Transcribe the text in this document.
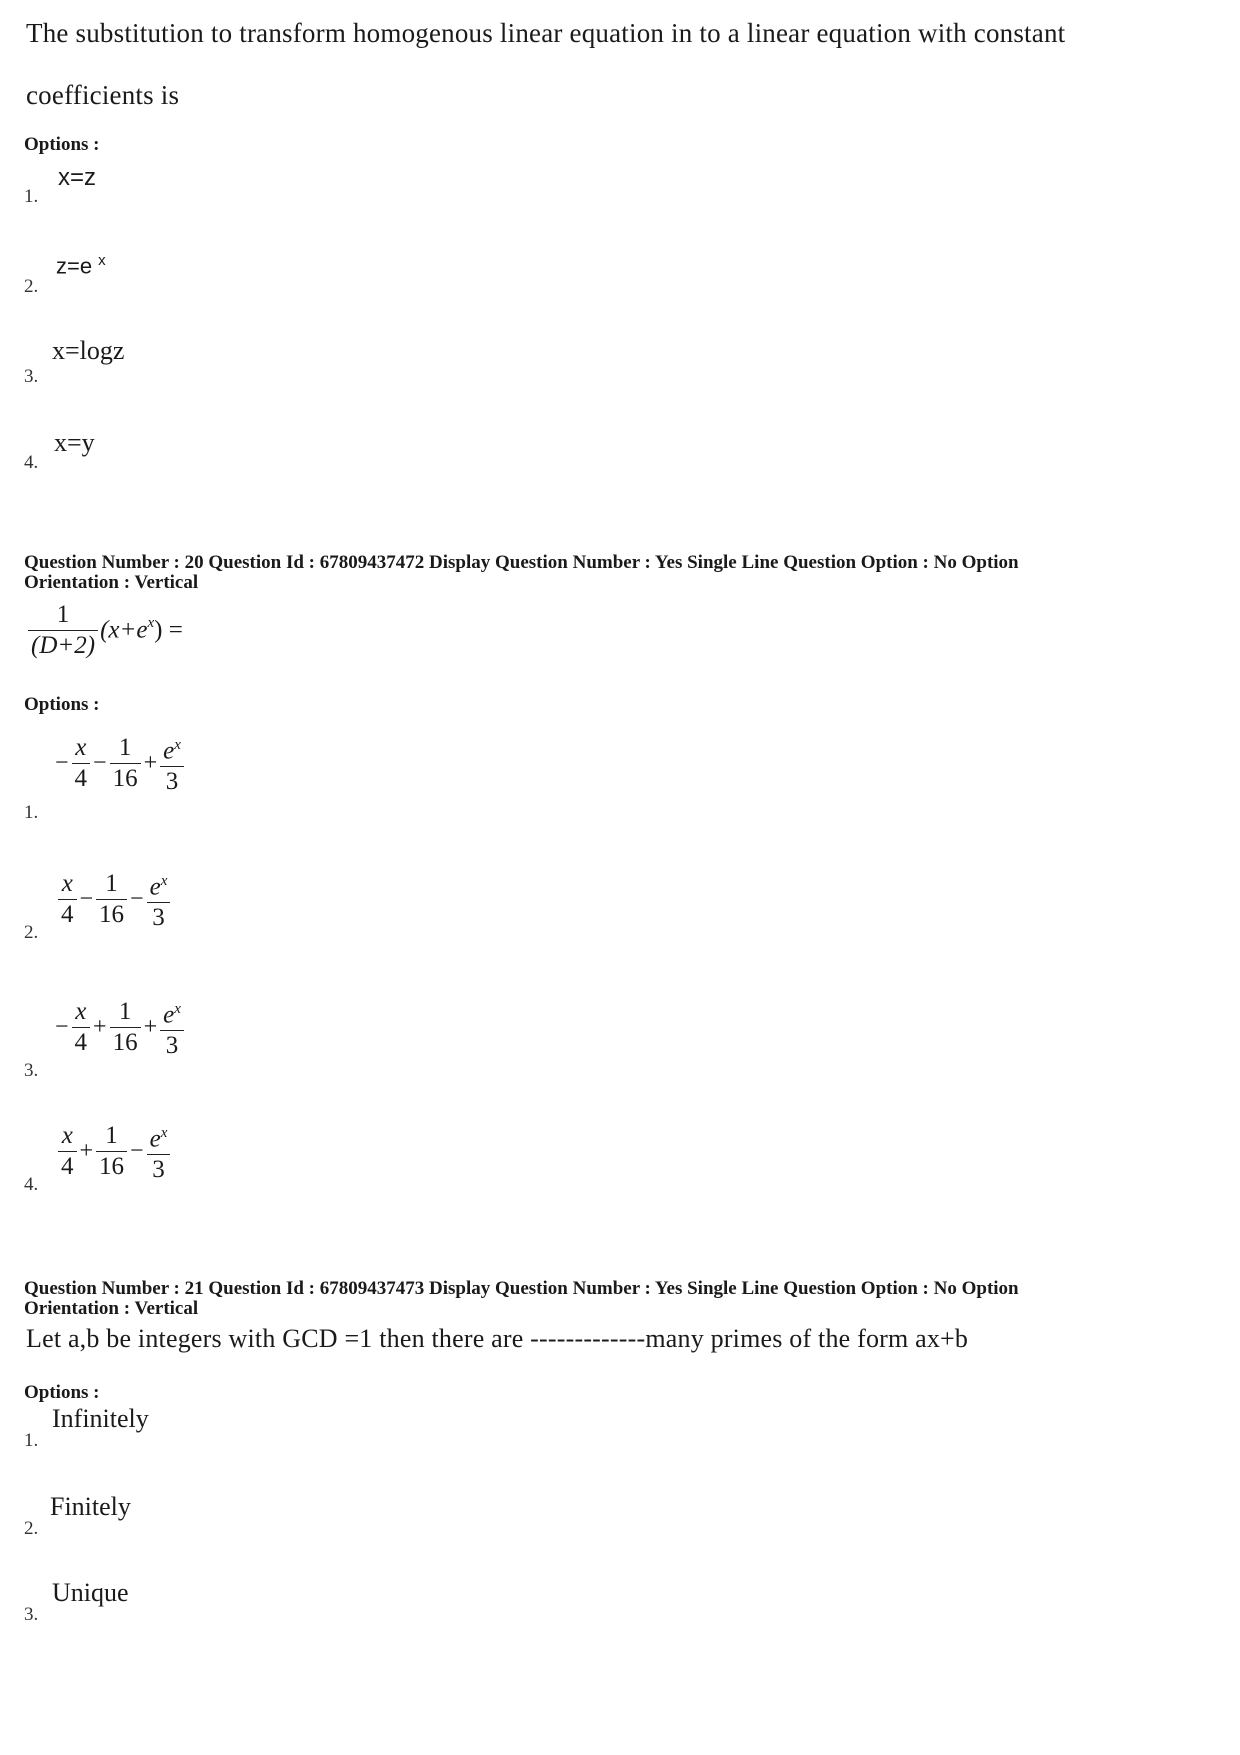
The substitution to transform homogenous linear equation in to a linear equation with constant
coefficients is
Options :
1.
x=z
2.
z=e $^x$
3.
x=logz
4.
x=y
Question Number : 20 Question Id : 67809437472 Display Question Number : Yes Single Line Question Option : No Option
Orientation : Vertical
$\frac{1}{(D+2)} (x+e^x)$ =
Options :
1.
− $\frac{x}{4} - \frac{1}{16} + \frac{e^x}{3}$
2.
$\frac{x}{4} - \frac{1}{16} - \frac{e^x}{3}$
3.
− $\frac{x}{4} + \frac{1}{16} + \frac{e^x}{3}$
4.
$\frac{x}{4} + \frac{1}{16} - \frac{e^x}{3}$
Question Number : 21 Question Id : 67809437473 Display Question Number : Yes Single Line Question Option : No Option
Orientation : Vertical
Let a,b be integers with GCD =1 then there are -------------many primes of the form ax+b
Options :
1.
Infinitely
2.
Finitely
3.
Unique
